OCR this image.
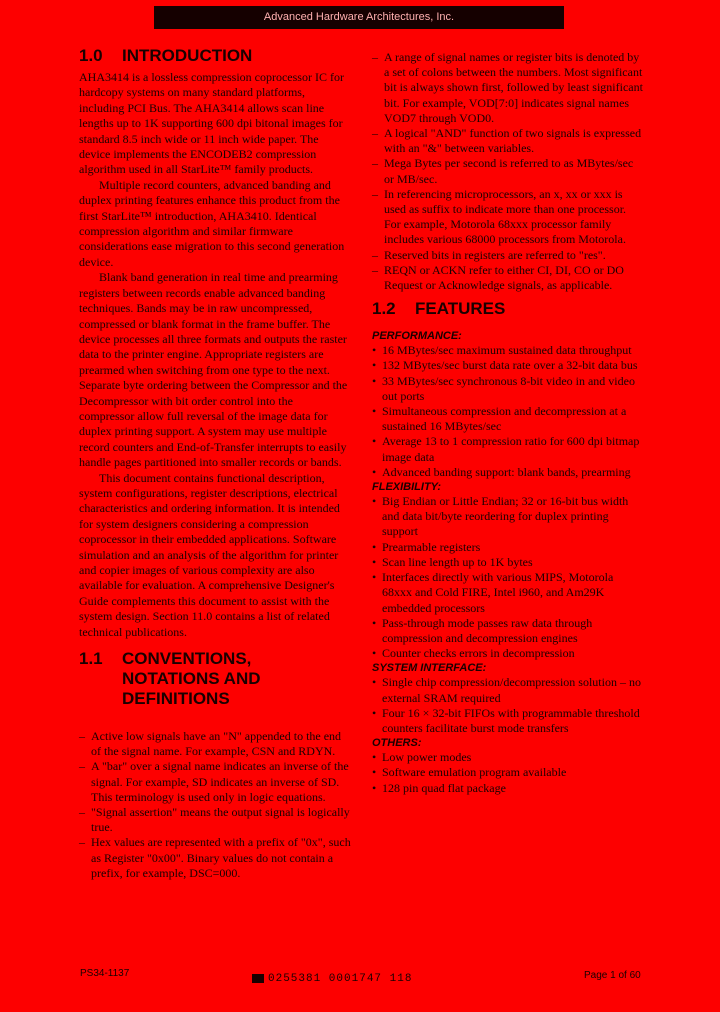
Advanced Hardware Architectures, Inc.
1.0	INTRODUCTION

AHA3414 is a lossless compression coprocessor IC for hardcopy systems on many standard platforms, including PCI Bus. The AHA3414 allows scan line lengths up to 1K supporting 600 dpi bitonal images for standard 8.5 inch wide or 11 inch wide paper. The device implements the ENCODEB2 compression algorithm used in all StarLite™ family products.

Multiple record counters, advanced banding and duplex printing features enhance this product from the first StarLite™ introduction, AHA3410. Identical compression algorithm and similar firmware considerations ease migration to this second generation device.

Blank band generation in real time and prearming registers between records enable advanced banding techniques. Bands may be in raw uncompressed, compressed or blank format in the frame buffer. The device processes all three formats and outputs the raster data to the printer engine. Appropriate registers are prearmed when switching from one type to the next. Separate byte ordering between the Compressor and the Decompressor with bit order control into the compressor allow full reversal of the image data for duplex printing support. A system may use multiple record counters and End-of-Transfer interrupts to easily handle pages partitioned into smaller records or bands.

This document contains functional description, system configurations, register descriptions, electrical characteristics and ordering information. It is intended for system designers considering a compression coprocessor in their embedded applications. Software simulation and an analysis of the algorithm for printer and copier images of various complexity are also available for evaluation. A comprehensive Designer's Guide complements this document to assist with the system design. Section 11.0 contains a list of related technical publications.

1.1	CONVENTIONS, NOTATIONS AND DEFINITIONS
– Active low signals have an "N" appended to the end of the signal name. For example, CSN and RDYN.
– A "bar" over a signal name indicates an inverse of the signal. For example, SD indicates an inverse of SD. This terminology is used only in logic equations.
– "Signal assertion" means the output signal is logically true.
– Hex values are represented with a prefix of "0x", such as Register "0x00". Binary values do not contain a prefix, for example, DSC=000.
– A range of signal names or register bits is denoted by a set of colons between the numbers. Most significant bit is always shown first, followed by least significant bit. For example, VOD[7:0] indicates signal names VOD7 through VOD0.
– A logical "AND" function of two signals is expressed with an "&" between variables.
– Mega Bytes per second is referred to as MBytes/sec or MB/sec.
– In referencing microprocessors, an x, xx or xxx is used as suffix to indicate more than one processor. For example, Motorola 68xxx processor family includes various 68000 processors from Motorola.
– Reserved bits in registers are referred to "res".
– REQN or ACKN refer to either CI, DI, CO or DO Request or Acknowledge signals, as applicable.
1.2	FEATURES
PERFORMANCE:
• 16 MBytes/sec maximum sustained data throughput
• 132 MBytes/sec burst data rate over a 32-bit data bus
• 33 MBytes/sec synchronous 8-bit video in and video out ports
• Simultaneous compression and decompression at a sustained 16 MBytes/sec
• Average 13 to 1 compression ratio for 600 dpi bitmap image data
• Advanced banding support: blank bands, prearming
FLEXIBILITY:
• Big Endian or Little Endian; 32 or 16-bit bus width and data bit/byte reordering for duplex printing support
• Prearmable registers
• Scan line length up to 1K bytes
• Interfaces directly with various MIPS, Motorola 68xxx and Cold FIRE, Intel i960, and Am29K embedded processors
• Pass-through mode passes raw data through compression and decompression engines
• Counter checks errors in decompression
SYSTEM INTERFACE:
• Single chip compression/decompression solution – no external SRAM required
• Four 16 × 32-bit FIFOs with programmable threshold counters facilitate burst mode transfers
OTHERS:
• Low power modes
• Software emulation program available
• 128 pin quad flat package
PS34-1137	0255381 0001747 118	Page 1 of 60
